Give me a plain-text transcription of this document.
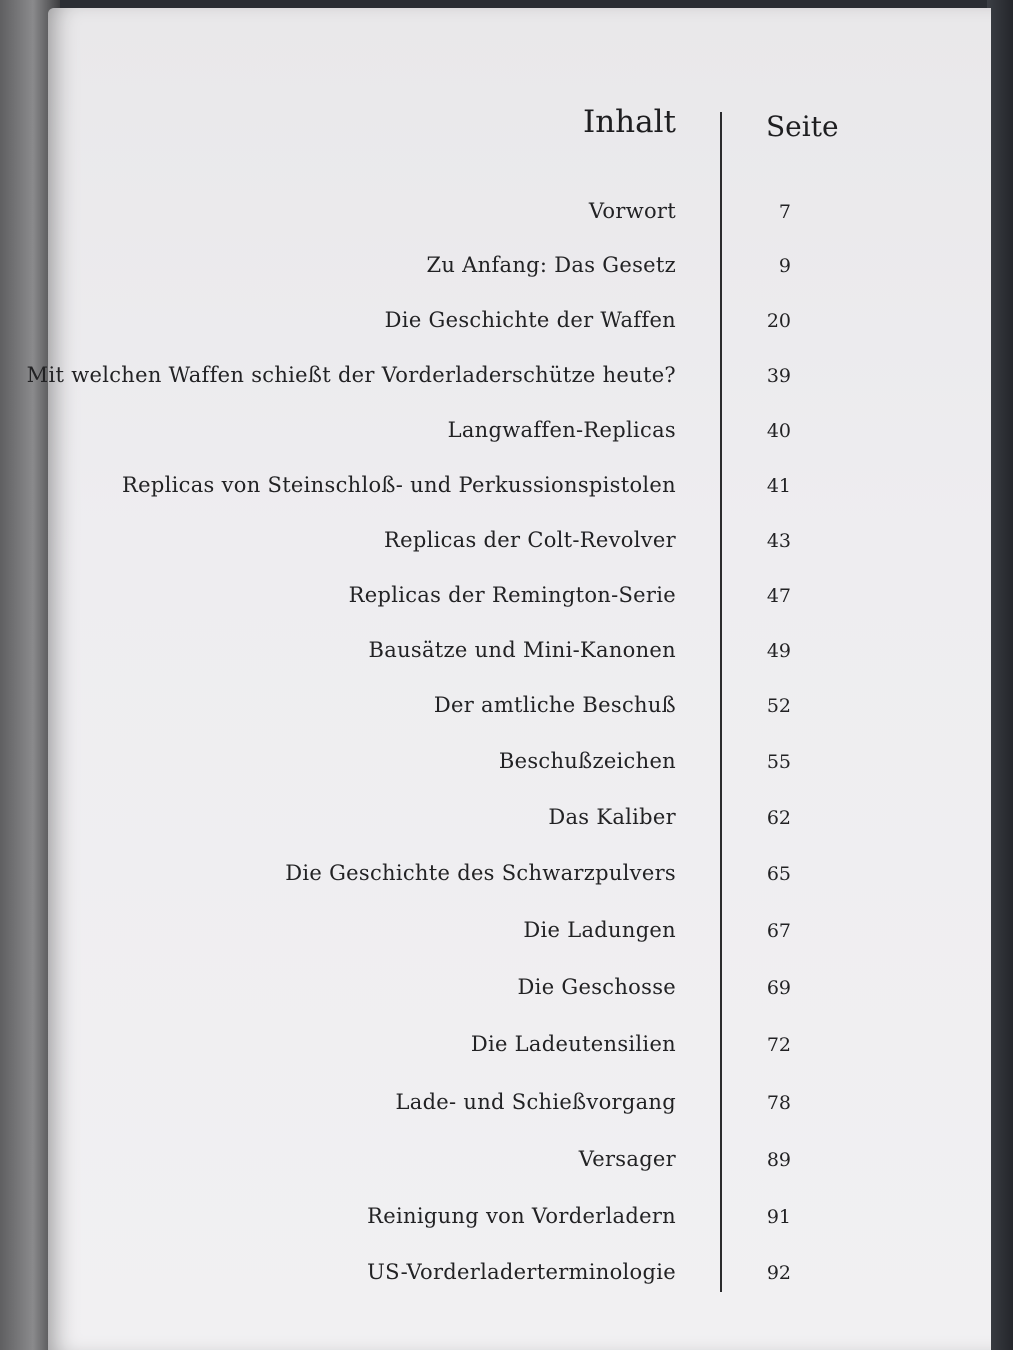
Inhalt	Seite
Vorwort	7
Zu Anfang: Das Gesetz	9
Die Geschichte der Waffen	20
Mit welchen Waffen schießt der Vorderladerschütze heute?	39
Langwaffen-Replicas	40
Replicas von Steinschloß- und Perkussionspistolen	41
Replicas der Colt-Revolver	43
Replicas der Remington-Serie	47
Bausätze und Mini-Kanonen	49
Der amtliche Beschuß	52
Beschußzeichen	55
Das Kaliber	62
Die Geschichte des Schwarzpulvers	65
Die Ladungen	67
Die Geschosse	69
Die Ladeutensilien	72
Lade- und Schießvorgang	78
Versager	89
Reinigung von Vorderladern	91
US-Vorderladerterminologie	92
